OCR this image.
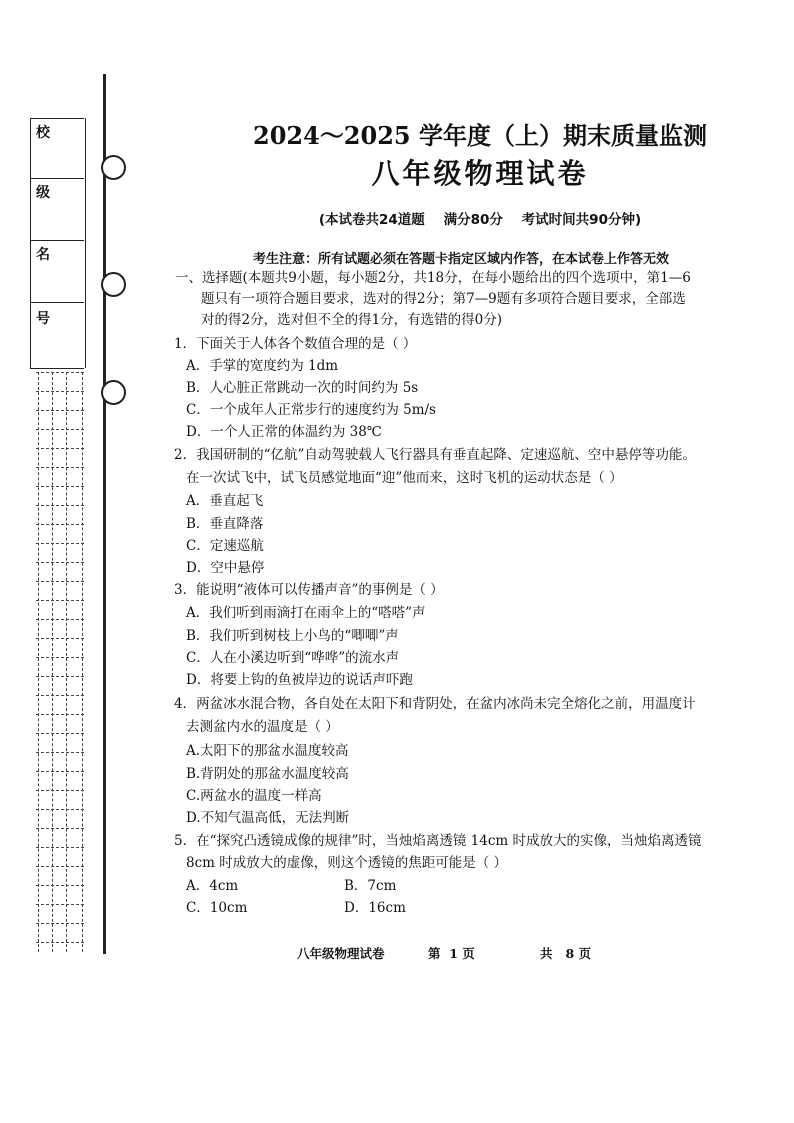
校
级
名
号
2024～2025 学年度（上）期末质量监测
八年级物理试卷
(本试卷共24道题    满分80分    考试时间共90分钟)
考生注意：所有试题必须在答题卡指定区域内作答，在本试卷上作答无效
一、选择题(本题共9小题，每小题2分，共18分，在每小题给出的四个选项中，第1—6
题只有一项符合题目要求，选对的得2分；第7—9题有多项符合题目要求，全部选
对的得2分，选对但不全的得1分，有选错的得0分)
1．下面关于人体各个数值合理的是（ ）
A．手掌的宽度约为 1dm
B．人心脏正常跳动一次的时间约为 5s
C．一个成年人正常步行的速度约为 5m/s
D．一个人正常的体温约为 38℃
2．我国研制的“亿航”自动驾驶载人飞行器具有垂直起降、定速巡航、空中悬停等功能。
在一次试飞中，试飞员感觉地面“迎”他而来，这时飞机的运动状态是（ ）
A．垂直起飞
B．垂直降落
C．定速巡航
D．空中悬停
3．能说明“液体可以传播声音”的事例是（ ）
A．我们听到雨滴打在雨伞上的“嗒嗒”声
B．我们听到树枝上小鸟的“唧唧”声
C．人在小溪边听到“哗哗”的流水声
D．将要上钩的鱼被岸边的说话声吓跑
4．两盆冰水混合物，各自处在太阳下和背阴处，在盆内冰尚未完全熔化之前，用温度计
去测盆内水的温度是（ ）
A.太阳下的那盆水温度较高
B.背阴处的那盆水温度较高
C.两盆水的温度一样高
D.不知气温高低，无法判断
5．在“探究凸透镜成像的规律”时，当烛焰离透镜 14cm 时成放大的实像，当烛焰离透镜
8cm 时成放大的虚像，则这个透镜的焦距可能是（ ）
A．4cm	B．7cm
C．10cm	D．16cm
八年级物理试卷	第  1 页	共   8 页
